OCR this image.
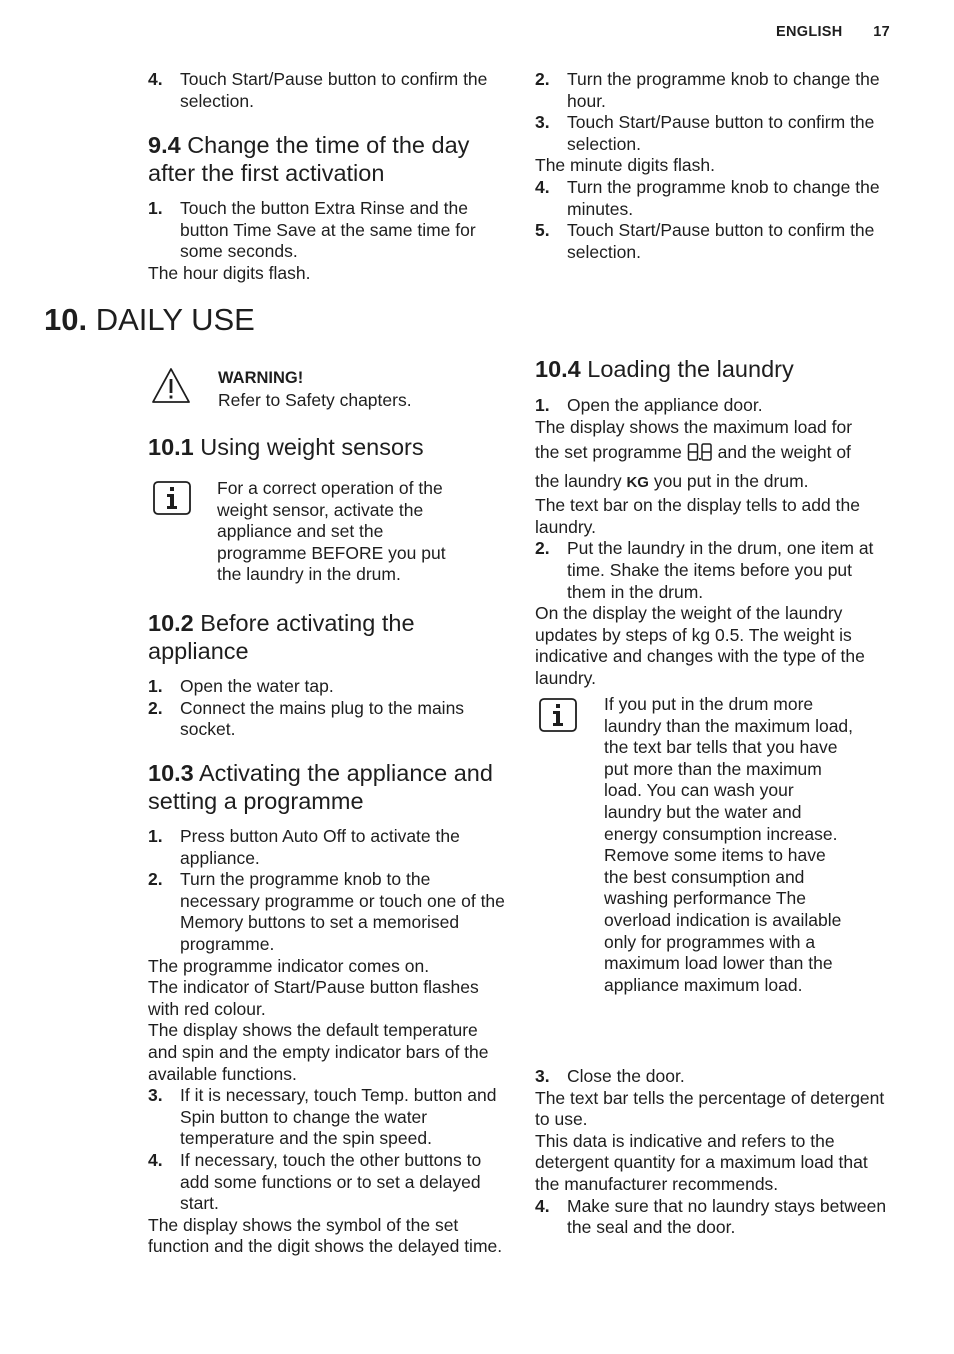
ENGLISH 17
4. Touch Start/Pause button to confirm the selection.
9.4 Change the time of the day after the first activation
1. Touch the button Extra Rinse and the button Time Save at the same time for some seconds.

The hour digits flash.

2. Turn the programme knob to change the hour.
3. Touch Start/Pause button to confirm the selection.

The minute digits flash.

4. Turn the programme knob to change the minutes.
5. Touch Start/Pause button to confirm the selection.
10. DAILY USE

WARNING!

Refer to Safety chapters.

10.1 Using weight sensors

For a correct operation of the weight sensor, activate the appliance and set the programme BEFORE you put the laundry in the drum.

10.2 Before activating the appliance
1. Open the water tap.
2. Connect the mains plug to the mains socket.
10.3 Activating the appliance and setting a programme
1. Press button Auto Off to activate the appliance.
2. Turn the programme knob to the necessary programme or touch one of the Memory buttons to set a memorised programme.

The programme indicator comes on.

The indicator of Start/Pause button flashes with red colour.

The display shows the default temperature and spin and the empty indicator bars of the available functions.

3. If it is necessary, touch Temp. button and Spin button to change the water temperature and the spin speed.
4. If necessary, touch the other buttons to add some functions or to set a delayed start.

The display shows the symbol of the set function and the digit shows the delayed time.

10.4 Loading the laundry
1. Open the appliance door.

The display shows the maximum load for

the set programme and the weight of

the laundry KG you put in the drum.

The text bar on the display tells to add the laundry.

2. Put the laundry in the drum, one item at time. Shake the items before you put them in the drum.

On the display the weight of the laundry updates by steps of kg 0.5. The weight is indicative and changes with the type of the laundry.

If you put in the drum more laundry than the maximum load, the text bar tells that you have put more than the maximum load. You can wash your laundry but the water and energy consumption increase. Remove some items to have the best consumption and washing performance The overload indication is available only for programmes with a maximum load lower than the appliance maximum load.

3. Close the door.

The text bar tells the percentage of detergent to use.

This data is indicative and refers to the detergent quantity for a maximum load that the manufacturer recommends.

4. Make sure that no laundry stays between the seal and the door.
